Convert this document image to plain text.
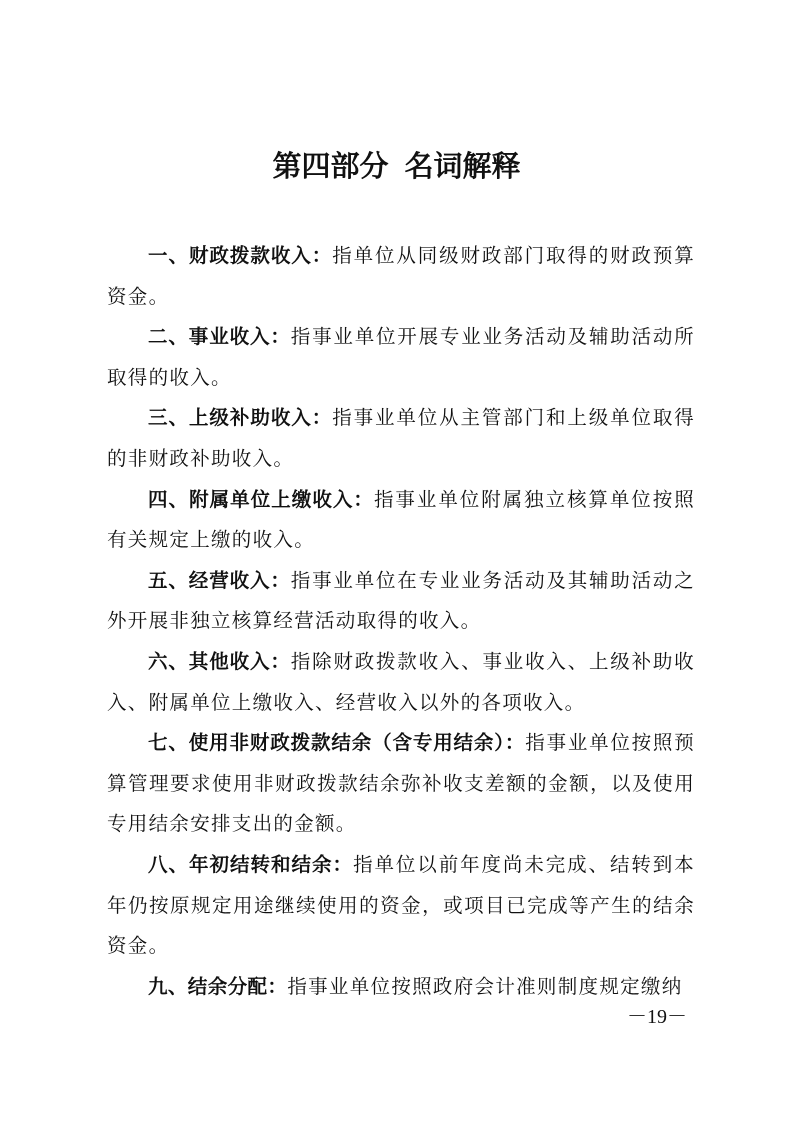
第四部分 名词解释

一、财政拨款收入：指单位从同级财政部门取得的财政预算资金。

二、事业收入：指事业单位开展专业业务活动及辅助活动所取得的收入。

三、上级补助收入：指事业单位从主管部门和上级单位取得的非财政补助收入。

四、附属单位上缴收入：指事业单位附属独立核算单位按照有关规定上缴的收入。

五、经营收入：指事业单位在专业业务活动及其辅助活动之外开展非独立核算经营活动取得的收入。

六、其他收入：指除财政拨款收入、事业收入、上级补助收入、附属单位上缴收入、经营收入以外的各项收入。

七、使用非财政拨款结余（含专用结余）：指事业单位按照预算管理要求使用非财政拨款结余弥补收支差额的金额，以及使用专用结余安排支出的金额。

八、年初结转和结余：指单位以前年度尚未完成、结转到本年仍按原规定用途继续使用的资金，或项目已完成等产生的结余资金。

九、结余分配：指事业单位按照政府会计准则制度规定缴纳

－19－
